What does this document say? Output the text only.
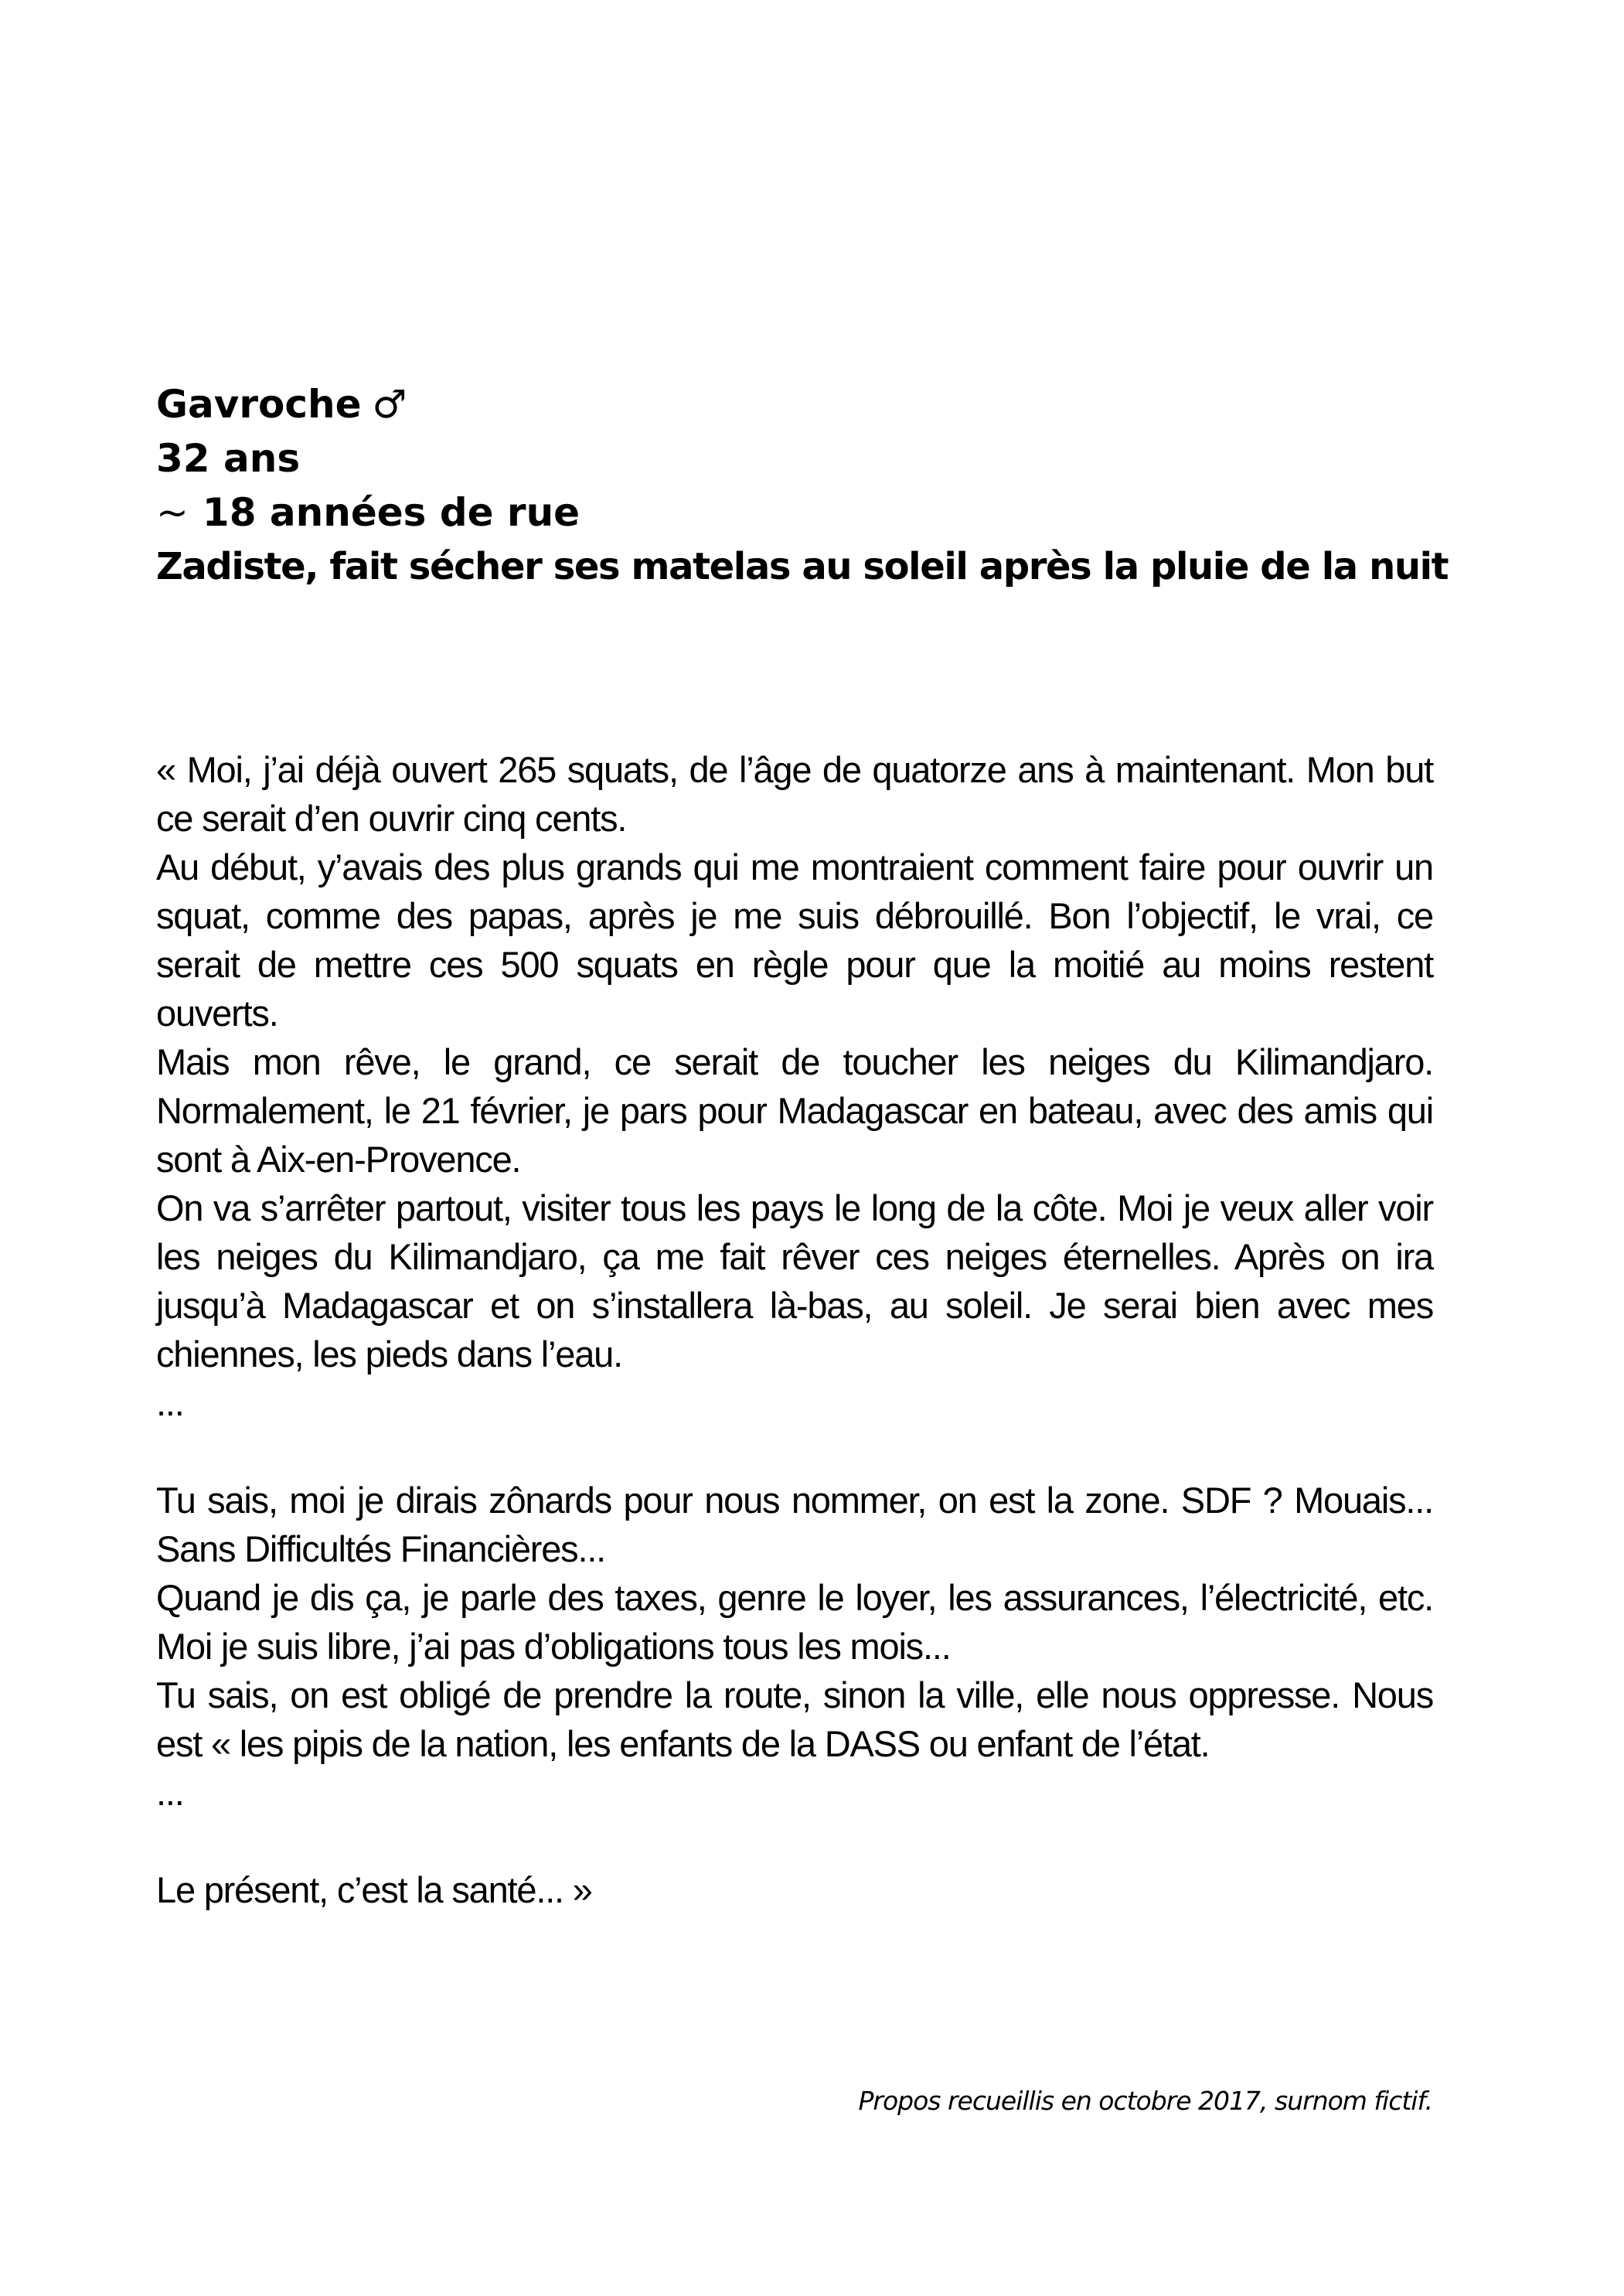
Gavroche ♂
32 ans
~ 18 années de rue
Zadiste, fait sécher ses matelas au soleil après la pluie de la nuit

« Moi, j’ai déjà ouvert 265 squats, de l’âge de quatorze ans à maintenant. Mon but ce serait d’en ouvrir cinq cents.

Au début, y’avais des plus grands qui me montraient comment faire pour ouvrir un squat, comme des papas, après je me suis débrouillé. Bon l’objectif, le vrai, ce serait de mettre ces 500 squats en règle pour que la moitié au moins restent ouverts.

Mais mon rêve, le grand, ce serait de toucher les neiges du Kilimandjaro. Normalement, le 21 février, je pars pour Madagascar en bateau, avec des amis qui sont à Aix-en-Provence.

On va s’arrêter partout, visiter tous les pays le long de la côte. Moi je veux aller voir les neiges du Kilimandjaro, ça me fait rêver ces neiges éternelles. Après on ira jusqu’à Madagascar et on s’installera là-bas, au soleil. Je serai bien avec mes chiennes, les pieds dans l’eau.

...

Tu sais, moi je dirais zônards pour nous nommer, on est la zone. SDF ? Mouais... Sans Difficultés Financières...

Quand je dis ça, je parle des taxes, genre le loyer, les assurances, l’électricité, etc. Moi je suis libre, j’ai pas d’obligations tous les mois...

Tu sais, on est obligé de prendre la route, sinon la ville, elle nous oppresse. Nous est « les pipis de la nation, les enfants de la DASS ou enfant de l’état.

...

Le présent, c’est la santé... »

Propos recueillis en octobre 2017, surnom fictif.
